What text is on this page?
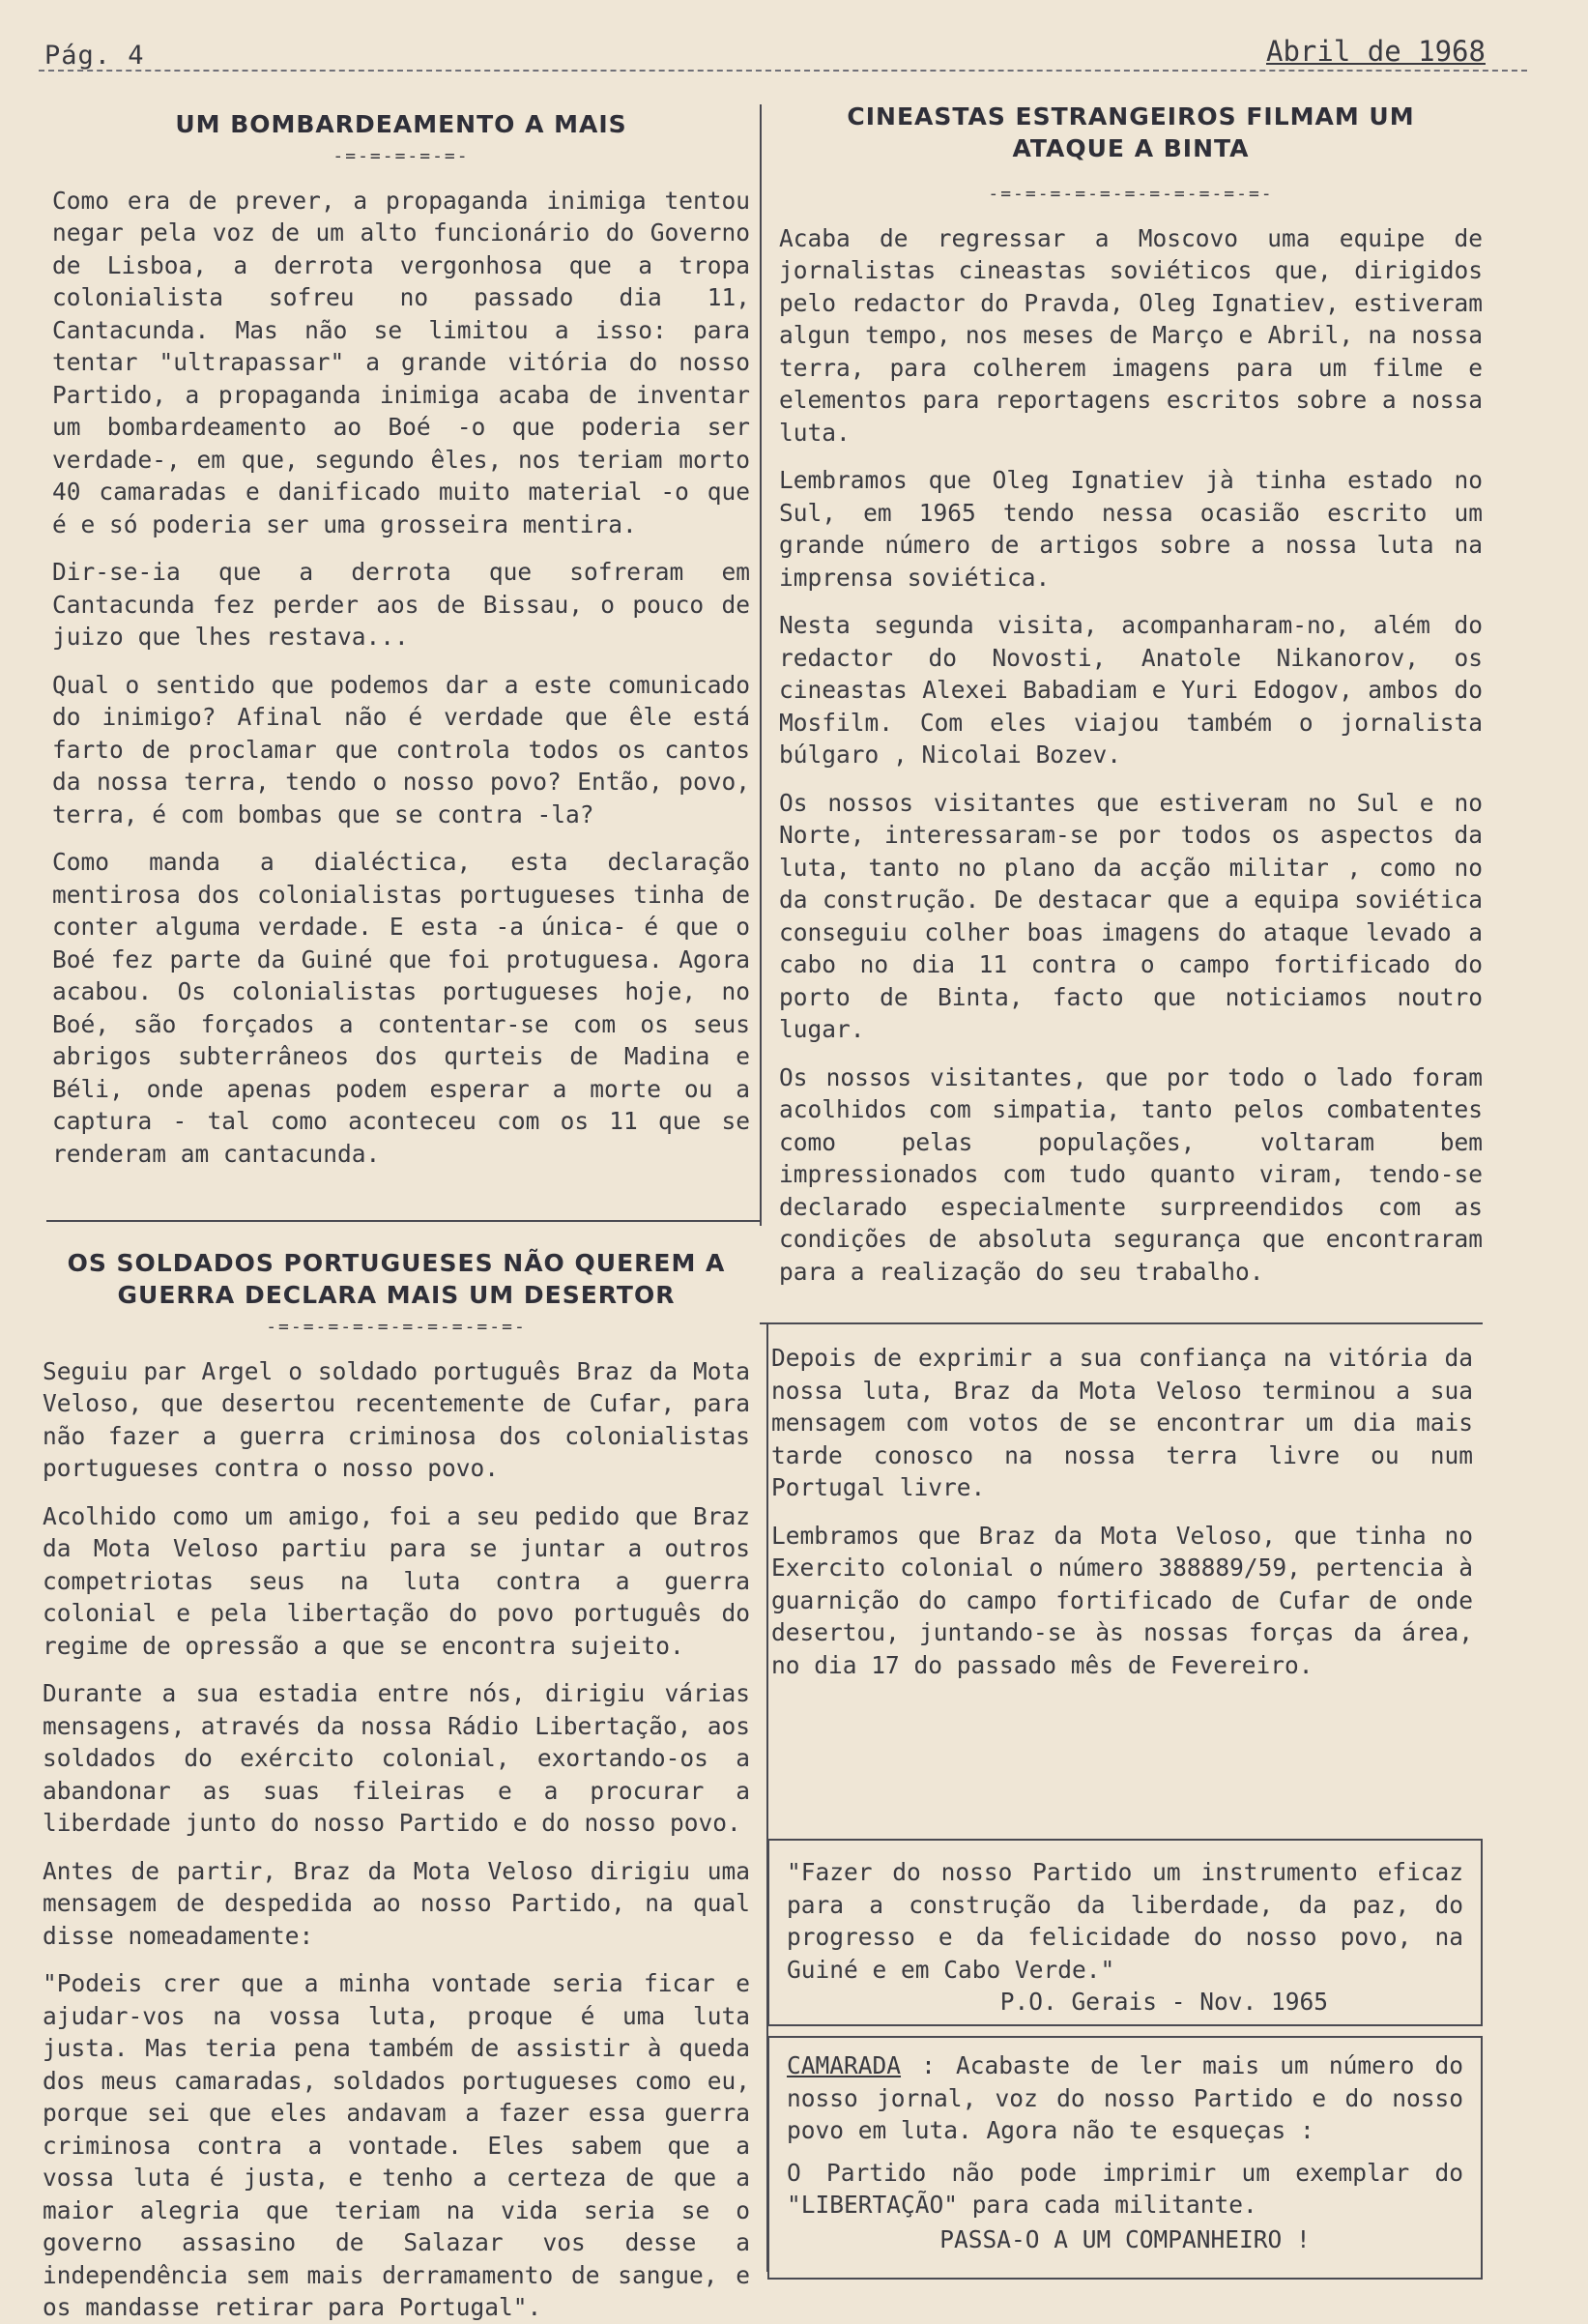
Pág. 4	Abril de 1968
UM BOMBARDEAMENTO A MAIS
-=-=-=-=-=-

Como era de prever, a propaganda inimiga tentou negar pela voz de um alto funcionário do Governo de Lisboa, a derrota vergonhosa que a tropa colonialista sofreu no passado dia 11, Cantacunda. Mas não se limitou a isso: para tentar "ultrapassar" a grande vitória do nosso Partido, a propaganda inimiga acaba de inventar um bombardeamento ao Boé -o que poderia ser verdade-, em que, segundo êles, nos teriam morto 40 camaradas e danificado muito material -o que é e só poderia ser uma grosseira mentira.

Dir-se-ia que a derrota que sofreram em Cantacunda fez perder aos de Bissau, o pouco de juizo que lhes restava...

Qual o sentido que podemos dar a este comunicado do inimigo? Afinal não é verdade que êle está farto de proclamar que controla todos os cantos da nossa terra, tendo o nosso povo? Então, povo, terra, é com bombas que se contra -la?

Como manda a dialéctica, esta declaração mentirosa dos colonialistas portugueses tinha de conter alguma verdade. E esta -a única- é que o Boé fez parte da Guiné que foi protuguesa. Agora acabou. Os colonialistas portugueses hoje, no Boé, são forçados a contentar-se com os seus abrigos subterrâneos dos qurteis de Madina e Béli, onde apenas podem esperar a morte ou a captura - tal como aconteceu com os 11 que se renderam am cantacunda.

CINEASTAS ESTRANGEIROS FILMAM UM
ATAQUE A BINTA
-=-=-=-=-=-=-=-=-=-=-=-

Acaba de regressar a Moscovo uma equipe de jornalistas cineastas soviéticos que, dirigidos pelo redactor do Pravda, Oleg Ignatiev, estiveram algun tempo, nos meses de Março e Abril, na nossa terra, para colherem imagens para um filme e elementos para reportagens escritos sobre a nossa luta.

Lembramos que Oleg Ignatiev jà tinha estado no Sul, em 1965 tendo nessa ocasião escrito um grande número de artigos sobre a nossa luta na imprensa soviética.

Nesta segunda visita, acompanharam-no, além do redactor do Novosti, Anatole Nikanorov, os cineastas Alexei Babadiam e Yuri Edogov, ambos do Mosfilm. Com eles viajou também o jornalista búlgaro , Nicolai Bozev.

Os nossos visitantes que estiveram no Sul e no Norte, interessaram-se por todos os aspectos da luta, tanto no plano da acção militar , como no da construção. De destacar que a equipa soviética conseguiu colher boas imagens do ataque levado a cabo no dia 11 contra o campo fortificado do porto de Binta, facto que noticiamos noutro lugar.

Os nossos visitantes, que por todo o lado foram acolhidos com simpatia, tanto pelos combatentes como pelas populações, voltaram bem impressionados com tudo quanto viram, tendo-se declarado especialmente surpreendidos com as condições de absoluta segurança que encontraram para a realização do seu trabalho.

OS SOLDADOS PORTUGUESES NÃO QUEREM A
GUERRA DECLARA MAIS UM DESERTOR
-=-=-=-=-=-=-=-=-=-=-

Seguiu par Argel o soldado português Braz da Mota Veloso, que desertou recentemente de Cufar, para não fazer a guerra criminosa dos colonialistas portugueses contra o nosso povo.

Acolhido como um amigo, foi a seu pedido que Braz da Mota Veloso partiu para se juntar a outros competriotas seus na luta contra a guerra colonial e pela libertação do povo português do regime de opressão a que se encontra sujeito.

Durante a sua estadia entre nós, dirigiu várias mensagens, através da nossa Rádio Libertação, aos soldados do exército colonial, exortando-os a abandonar as suas fileiras e a procurar a liberdade junto do nosso Partido e do nosso povo.

Antes de partir, Braz da Mota Veloso dirigiu uma mensagem de despedida ao nosso Partido, na qual disse nomeadamente:

"Podeis crer que a minha vontade seria ficar e ajudar-vos na vossa luta, proque é uma luta justa. Mas teria pena também de assistir à queda dos meus camaradas, soldados portugueses como eu, porque sei que eles andavam a fazer essa guerra criminosa contra a vontade. Eles sabem que a vossa luta é justa, e tenho a certeza de que a maior alegria que teriam na vida seria se o governo assasino de Salazar vos desse a independência sem mais derramamento de sangue, e os mandasse retirar para Portugal".

Depois de exprimir a sua confiança na vitória da nossa luta, Braz da Mota Veloso terminou a sua mensagem com votos de se encontrar um dia mais tarde conosco na nossa terra livre ou num Portugal livre.

Lembramos que Braz da Mota Veloso, que tinha no Exercito colonial o número 388889/59, pertencia à guarnição do campo fortificado de Cufar de onde desertou, juntando-se às nossas forças da área, no dia 17 do passado mês de Fevereiro.

"Fazer do nosso Partido um instrumento eficaz para a construção da liberdade, da paz, do progresso e da felicidade do nosso povo, na Guiné e em Cabo Verde."

P.O. Gerais - Nov. 1965

CAMARADA : Acabaste de ler mais um número do nosso jornal, voz do nosso Partido e do nosso povo em luta. Agora não te esqueças :

O Partido não pode imprimir um exemplar do "LIBERTAÇÃO" para cada militante.

PASSA-O A UM COMPANHEIRO !
